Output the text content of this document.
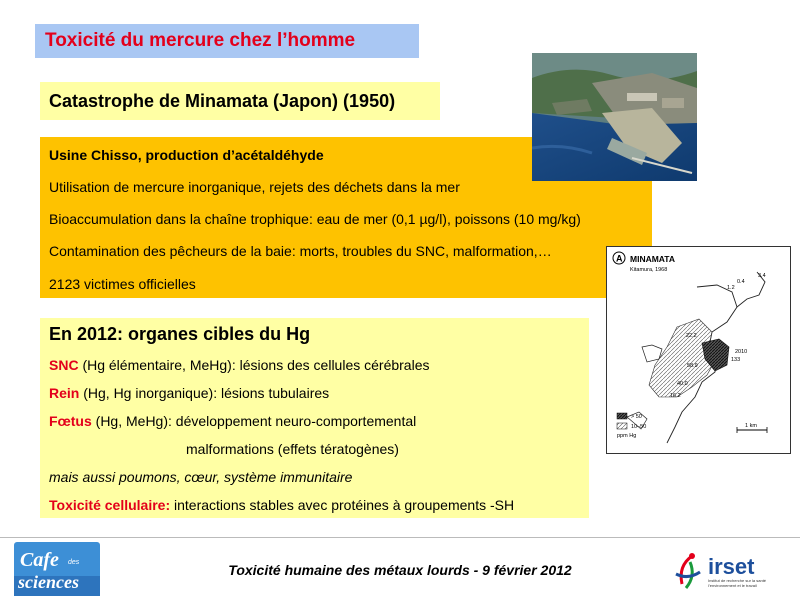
Toxicité du mercure chez l’homme
Catastrophe de Minamata (Japon) (1950)
Usine Chisso, production d’acétaldéhyde
Utilisation de mercure inorganique, rejets des déchets dans la mer
Bioaccumulation dans la chaîne trophique: eau de mer (0,1 µg/l), poissons (10 mg/kg)
Contamination des pêcheurs de la baie: morts, troubles du SNC, malformation,…
2123 victimes officielles
A MINAMATA
Kitamura, 1968
3.4
0.4
1.2
22.2
2010
133
58.9
40.0
16.2
> 50
10–50
ppm Hg
1 km
En 2012: organes cibles du Hg
SNC (Hg élémentaire, MeHg): lésions des cellules cérébrales
Rein (Hg, Hg inorganique): lésions tubulaires
Fœtus (Hg, MeHg): développement neuro-comportemental
malformations (effets tératogènes)
mais aussi poumons, cœur, système immunitaire
Toxicité cellulaire: interactions stables avec protéines à groupements -SH
Cafe des
sciences
Toxicité humaine des métaux lourds - 9 février 2012	irset
Institut de recherche sur la santé l’environnement et le travail
